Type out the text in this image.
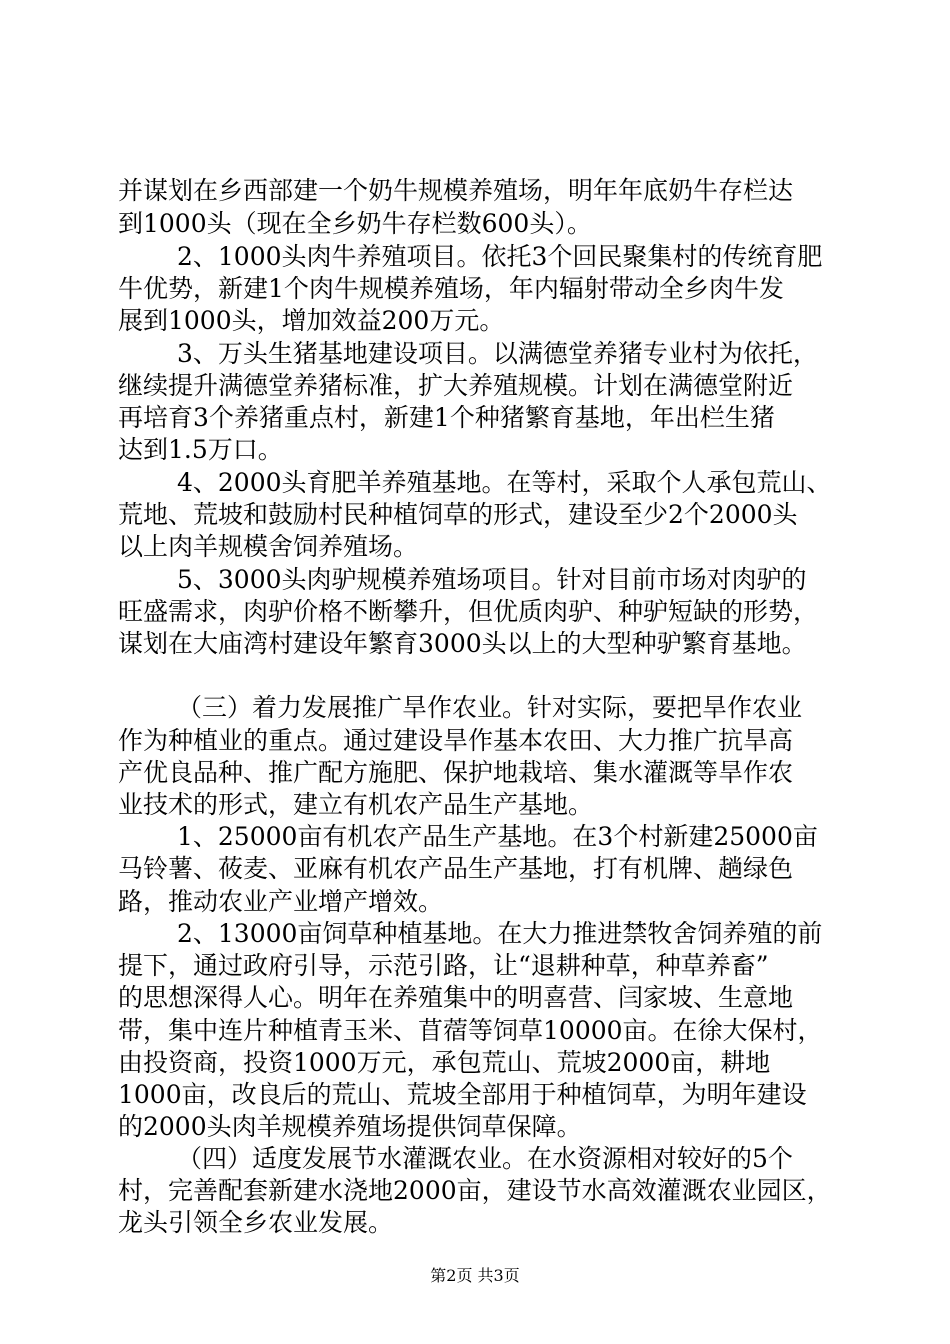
并谋划在乡西部建一个奶牛规模养殖场，明年年底奶牛存栏达
到1000头（现在全乡奶牛存栏数600头）。
2、1000头肉牛养殖项目。依托3个回民聚集村的传统育肥
牛优势，新建1个肉牛规模养殖场，年内辐射带动全乡肉牛发
展到1000头，增加效益200万元。
3、万头生猪基地建设项目。以满德堂养猪专业村为依托，
继续提升满德堂养猪标准，扩大养殖规模。计划在满德堂附近
再培育3个养猪重点村，新建1个种猪繁育基地，年出栏生猪
达到1.5万口。
4、2000头育肥羊养殖基地。在等村，采取个人承包荒山、
荒地、荒坡和鼓励村民种植饲草的形式，建设至少2个2000头
以上肉羊规模舍饲养殖场。
5、3000头肉驴规模养殖场项目。针对目前市场对肉驴的
旺盛需求，肉驴价格不断攀升，但优质肉驴、种驴短缺的形势，
谋划在大庙湾村建设年繁育3000头以上的大型种驴繁育基地。
（三）着力发展推广旱作农业。针对实际，要把旱作农业
作为种植业的重点。通过建设旱作基本农田、大力推广抗旱高
产优良品种、推广配方施肥、保护地栽培、集水灌溉等旱作农
业技术的形式，建立有机农产品生产基地。
1、25000亩有机农产品生产基地。在3个村新建25000亩
马铃薯、莜麦、亚麻有机农产品生产基地，打有机牌、趟绿色
路，推动农业产业增产增效。
2、13000亩饲草种植基地。在大力推进禁牧舍饲养殖的前
提下，通过政府引导，示范引路，让“退耕种草，种草养畜”
的思想深得人心。明年在养殖集中的明喜营、闫家坡、生意地
带，集中连片种植青玉米、苜蓿等饲草10000亩。在徐大保村，
由投资商，投资1000万元，承包荒山、荒坡2000亩，耕地
1000亩，改良后的荒山、荒坡全部用于种植饲草，为明年建设
的2000头肉羊规模养殖场提供饲草保障。
（四）适度发展节水灌溉农业。在水资源相对较好的5个
村，完善配套新建水浇地2000亩，建设节水高效灌溉农业园区，
龙头引领全乡农业发展。
第2页 共3页
